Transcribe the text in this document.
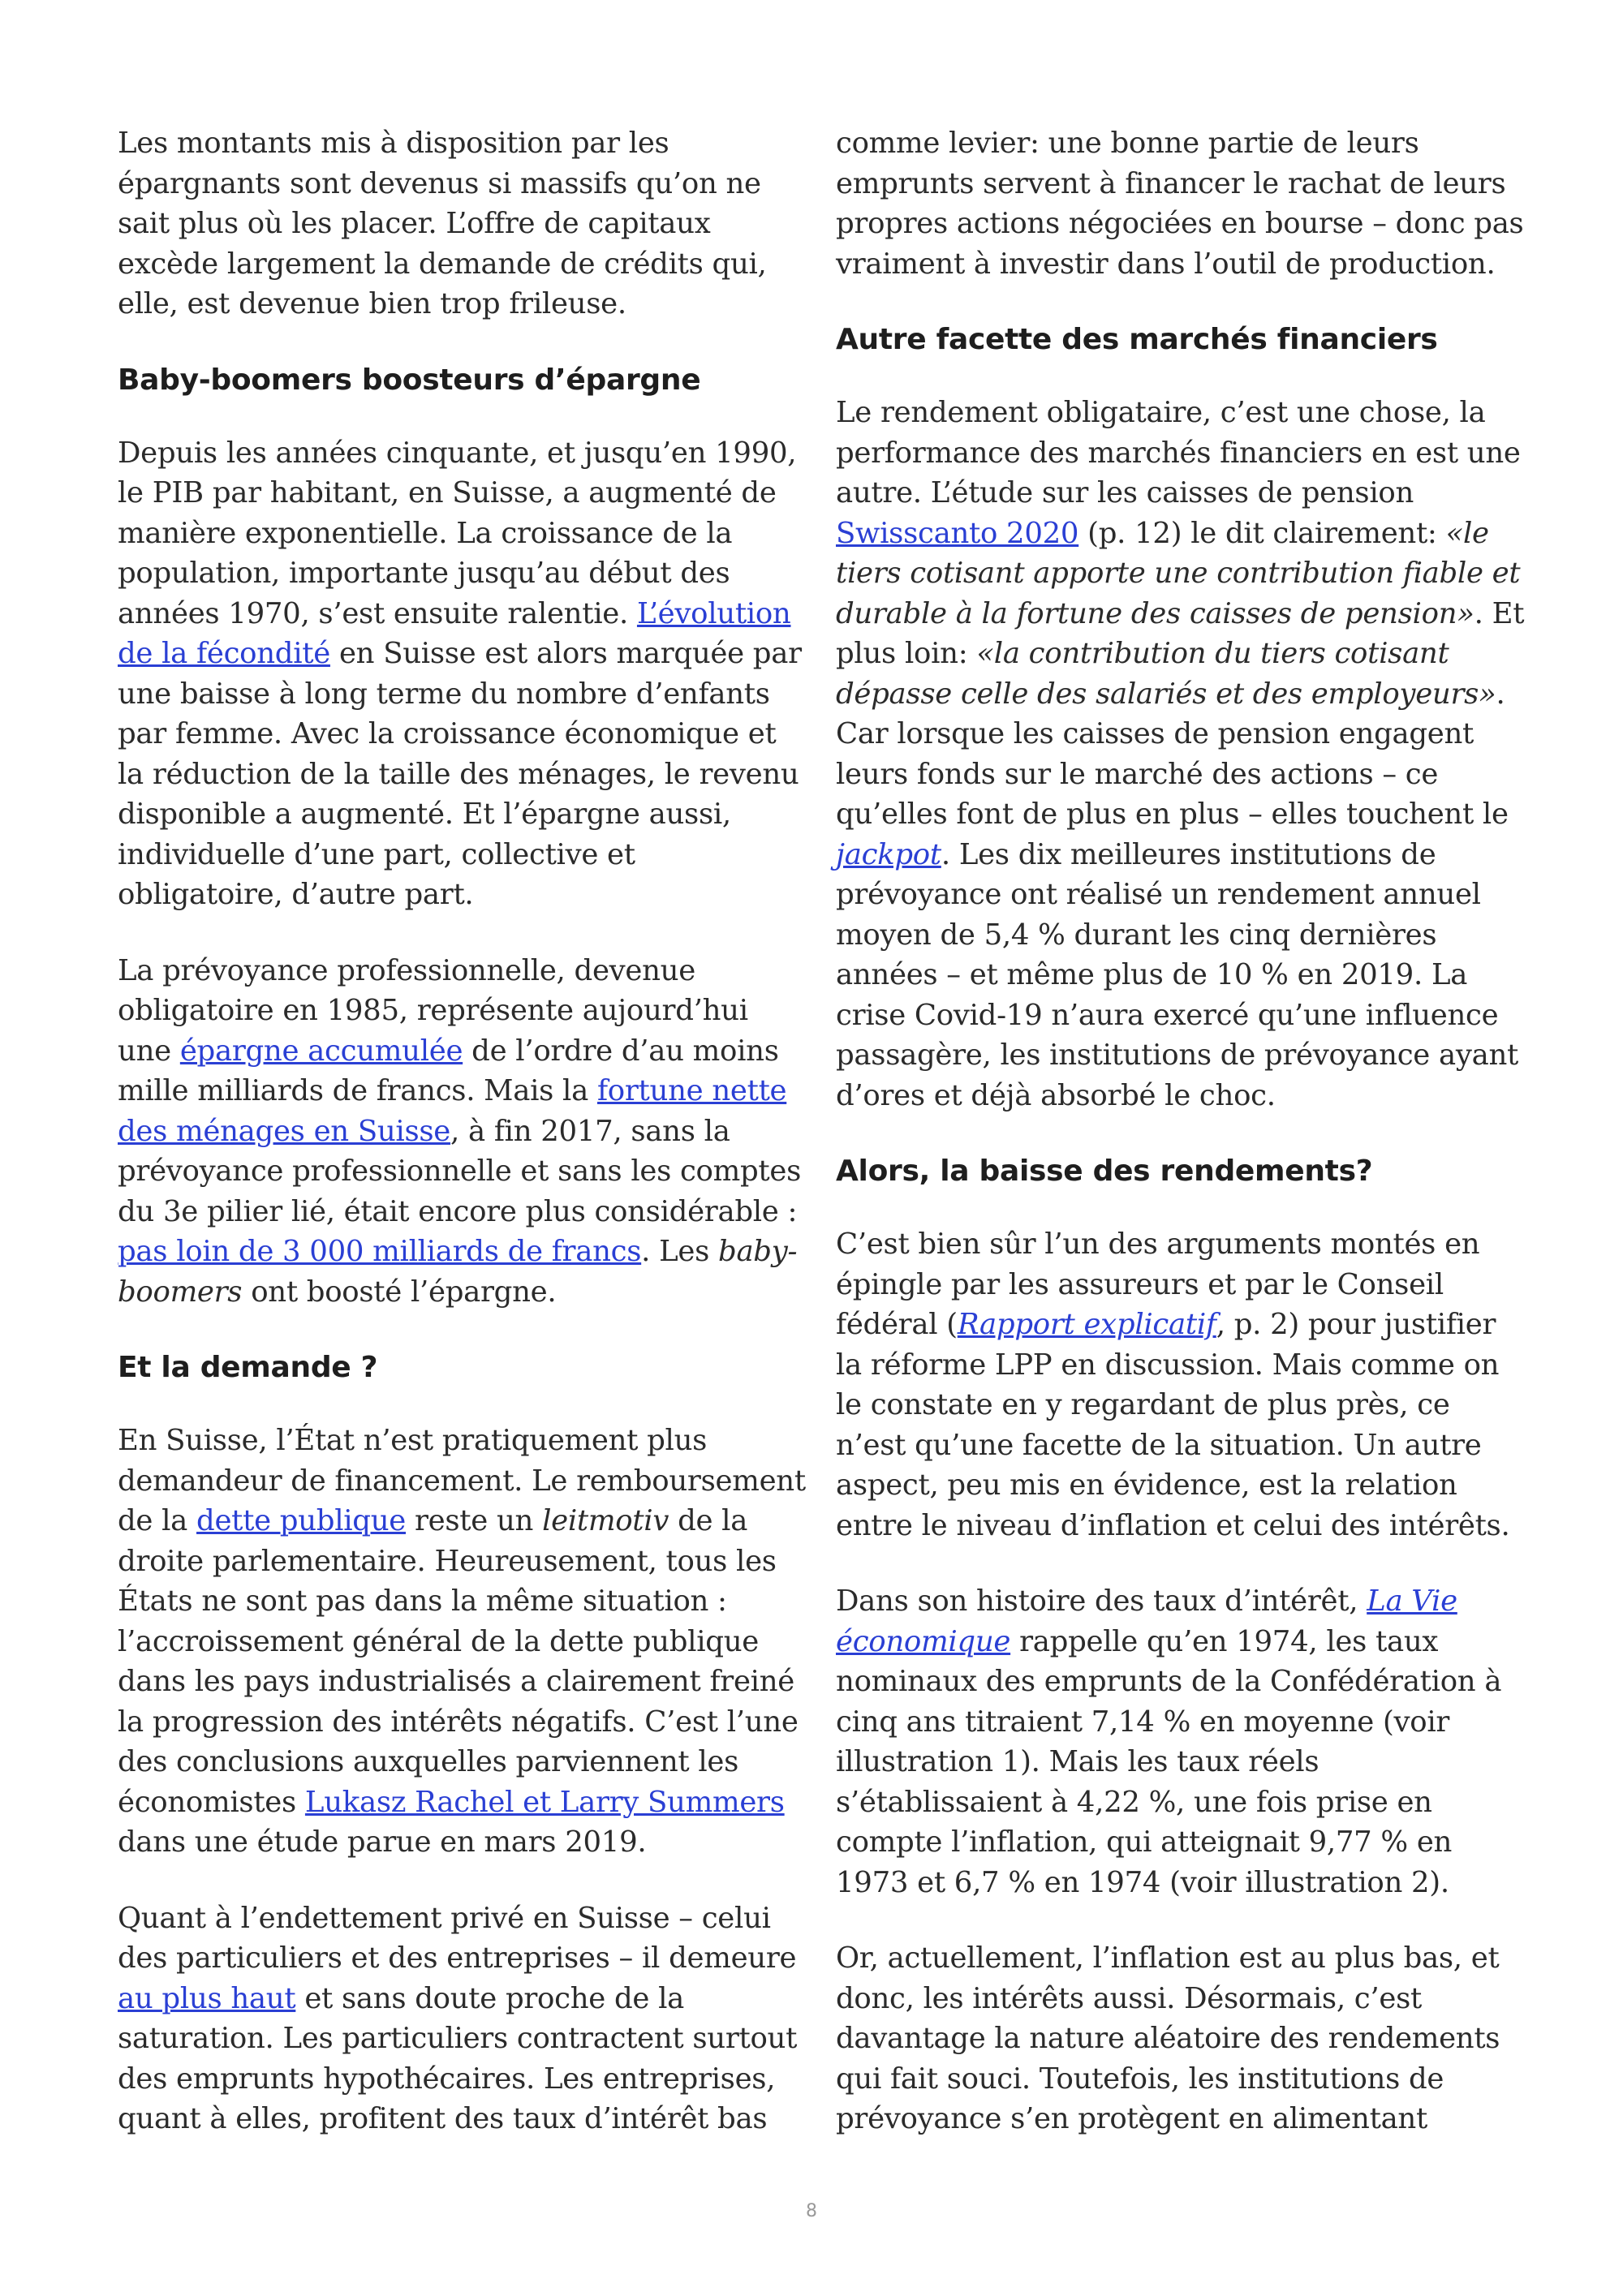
Les montants mis à disposition par les épargnants sont devenus si massifs qu’on ne sait plus où les placer. L’offre de capitaux excède largement la demande de crédits qui, elle, est devenue bien trop frileuse.

Baby-boomers boosteurs d’épargne

Depuis les années cinquante, et jusqu’en 1990, le PIB par habitant, en Suisse, a augmenté de manière exponentielle. La croissance de la population, importante jusqu’au début des années 1970, s’est ensuite ralentie. L’évolution de la fécondité en Suisse est alors marquée par une baisse à long terme du nombre d’enfants par femme. Avec la croissance économique et la réduction de la taille des ménages, le revenu disponible a augmenté. Et l’épargne aussi, individuelle d’une part, collective et obligatoire, d’autre part.

La prévoyance professionnelle, devenue obligatoire en 1985, représente aujourd’hui une épargne accumulée de l’ordre d’au moins mille milliards de francs. Mais la fortune nette des ménages en Suisse, à fin 2017, sans la prévoyance professionnelle et sans les comptes du 3e pilier lié, était encore plus considérable : pas loin de 3 000 milliards de francs. Les baby-boomers ont boosté l’épargne.

Et la demande ?

En Suisse, l’État n’est pratiquement plus demandeur de financement. Le remboursement de la dette publique reste un leitmotiv de la droite parlementaire. Heureusement, tous les États ne sont pas dans la même situation : l’accroissement général de la dette publique dans les pays industrialisés a clairement freiné la progression des intérêts négatifs. C’est l’une des conclusions auxquelles parviennent les économistes Lukasz Rachel et Larry Summers dans une étude parue en mars 2019.

Quant à l’endettement privé en Suisse – celui des particuliers et des entreprises – il demeure au plus haut et sans doute proche de la saturation. Les particuliers contractent surtout des emprunts hypothécaires. Les entreprises, quant à elles, profitent des taux d’intérêt bas

comme levier: une bonne partie de leurs emprunts servent à financer le rachat de leurs propres actions négociées en bourse – donc pas vraiment à investir dans l’outil de production.

Autre facette des marchés financiers

Le rendement obligataire, c’est une chose, la performance des marchés financiers en est une autre. L’étude sur les caisses de pension Swisscanto 2020 (p. 12) le dit clairement: «le tiers cotisant apporte une contribution fiable et durable à la fortune des caisses de pension». Et plus loin: «la contribution du tiers cotisant dépasse celle des salariés et des employeurs». Car lorsque les caisses de pension engagent leurs fonds sur le marché des actions – ce qu’elles font de plus en plus – elles touchent le jackpot. Les dix meilleures institutions de prévoyance ont réalisé un rendement annuel moyen de 5,4 % durant les cinq dernières années – et même plus de 10 % en 2019. La crise Covid-19 n’aura exercé qu’une influence passagère, les institutions de prévoyance ayant d’ores et déjà absorbé le choc.

Alors, la baisse des rendements?

C’est bien sûr l’un des arguments montés en épingle par les assureurs et par le Conseil fédéral (Rapport explicatif, p. 2) pour justifier la réforme LPP en discussion. Mais comme on le constate en y regardant de plus près, ce n’est qu’une facette de la situation. Un autre aspect, peu mis en évidence, est la relation entre le niveau d’inflation et celui des intérêts.

Dans son histoire des taux d’intérêt, La Vie économique rappelle qu’en 1974, les taux nominaux des emprunts de la Confédération à cinq ans titraient 7,14 % en moyenne (voir illustration 1). Mais les taux réels s’établissaient à 4,22 %, une fois prise en compte l’inflation, qui atteignait 9,77 % en 1973 et 6,7 % en 1974 (voir illustration 2).

Or, actuellement, l’inflation est au plus bas, et donc, les intérêts aussi. Désormais, c’est davantage la nature aléatoire des rendements qui fait souci. Toutefois, les institutions de prévoyance s’en protègent en alimentant

8
